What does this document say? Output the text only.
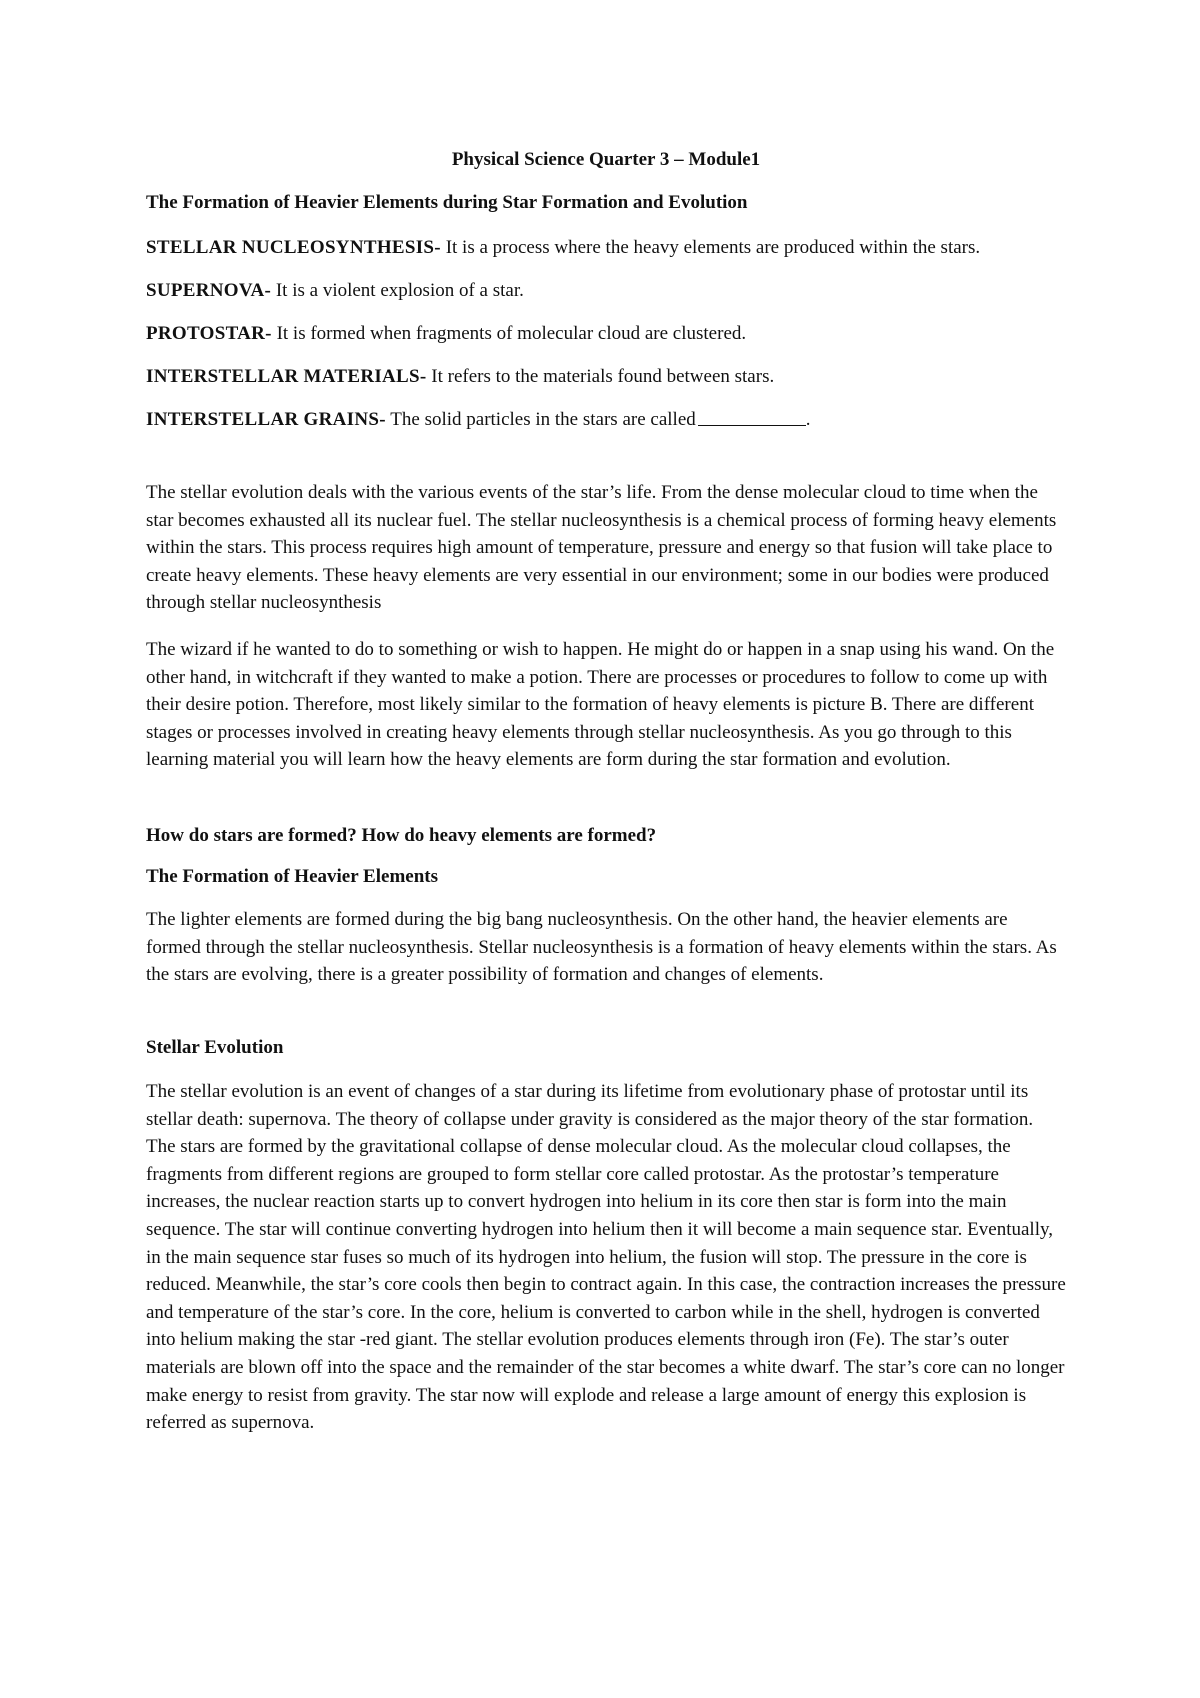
Physical Science Quarter 3 – Module1
The Formation of Heavier Elements during Star Formation and Evolution

STELLAR NUCLEOSYNTHESIS- It is a process where the heavy elements are produced within the stars.

SUPERNOVA- It is a violent explosion of a star.

PROTOSTAR- It is formed when fragments of molecular cloud are clustered.

INTERSTELLAR MATERIALS- It refers to the materials found between stars.

INTERSTELLAR GRAINS- The solid particles in the stars are called	.

The stellar evolution deals with the various events of the star’s life. From the dense molecular cloud to time when the star becomes exhausted all its nuclear fuel. The stellar nucleosynthesis is a chemical process of forming heavy elements within the stars. This process requires high amount of temperature, pressure and energy so that fusion will take place to create heavy elements. These heavy elements are very essential in our environment; some in our bodies were produced through stellar nucleosynthesis

The wizard if he wanted to do to something or wish to happen. He might do or happen in a snap using his wand. On the other hand, in witchcraft if they wanted to make a potion. There are processes or procedures to follow to come up with their desire potion. Therefore, most likely similar to the formation of heavy elements is picture B. There are different stages or processes involved in creating heavy elements through stellar nucleosynthesis. As you go through to this learning material you will learn how the heavy elements are form during the star formation and evolution.

How do stars are formed? How do heavy elements are formed?
The Formation of Heavier Elements

The lighter elements are formed during the big bang nucleosynthesis. On the other hand, the heavier elements are formed through the stellar nucleosynthesis. Stellar nucleosynthesis is a formation of heavy elements within the stars. As the stars are evolving, there is a greater possibility of formation and changes of elements.

Stellar Evolution

The stellar evolution is an event of changes of a star during its lifetime from evolutionary phase of protostar until its stellar death: supernova. The theory of collapse under gravity is considered as the major theory of the star formation. The stars are formed by the gravitational collapse of dense molecular cloud. As the molecular cloud collapses, the fragments from different regions are grouped to form stellar core called protostar. As the protostar’s temperature increases, the nuclear reaction starts up to convert hydrogen into helium in its core then star is form into the main sequence. The star will continue converting hydrogen into helium then it will become a main sequence star. Eventually, in the main sequence star fuses so much of its hydrogen into helium, the fusion will stop. The pressure in the core is reduced. Meanwhile, the star’s core cools then begin to contract again. In this case, the contraction increases the pressure and temperature of the star’s core. In the core, helium is converted to carbon while in the shell, hydrogen is converted into helium making the star -red giant. The stellar evolution produces elements through iron (Fe). The star’s outer materials are blown off into the space and the remainder of the star becomes a white dwarf. The star’s core can no longer make energy to resist from gravity. The star now will explode and release a large amount of energy this explosion is referred as supernova.
